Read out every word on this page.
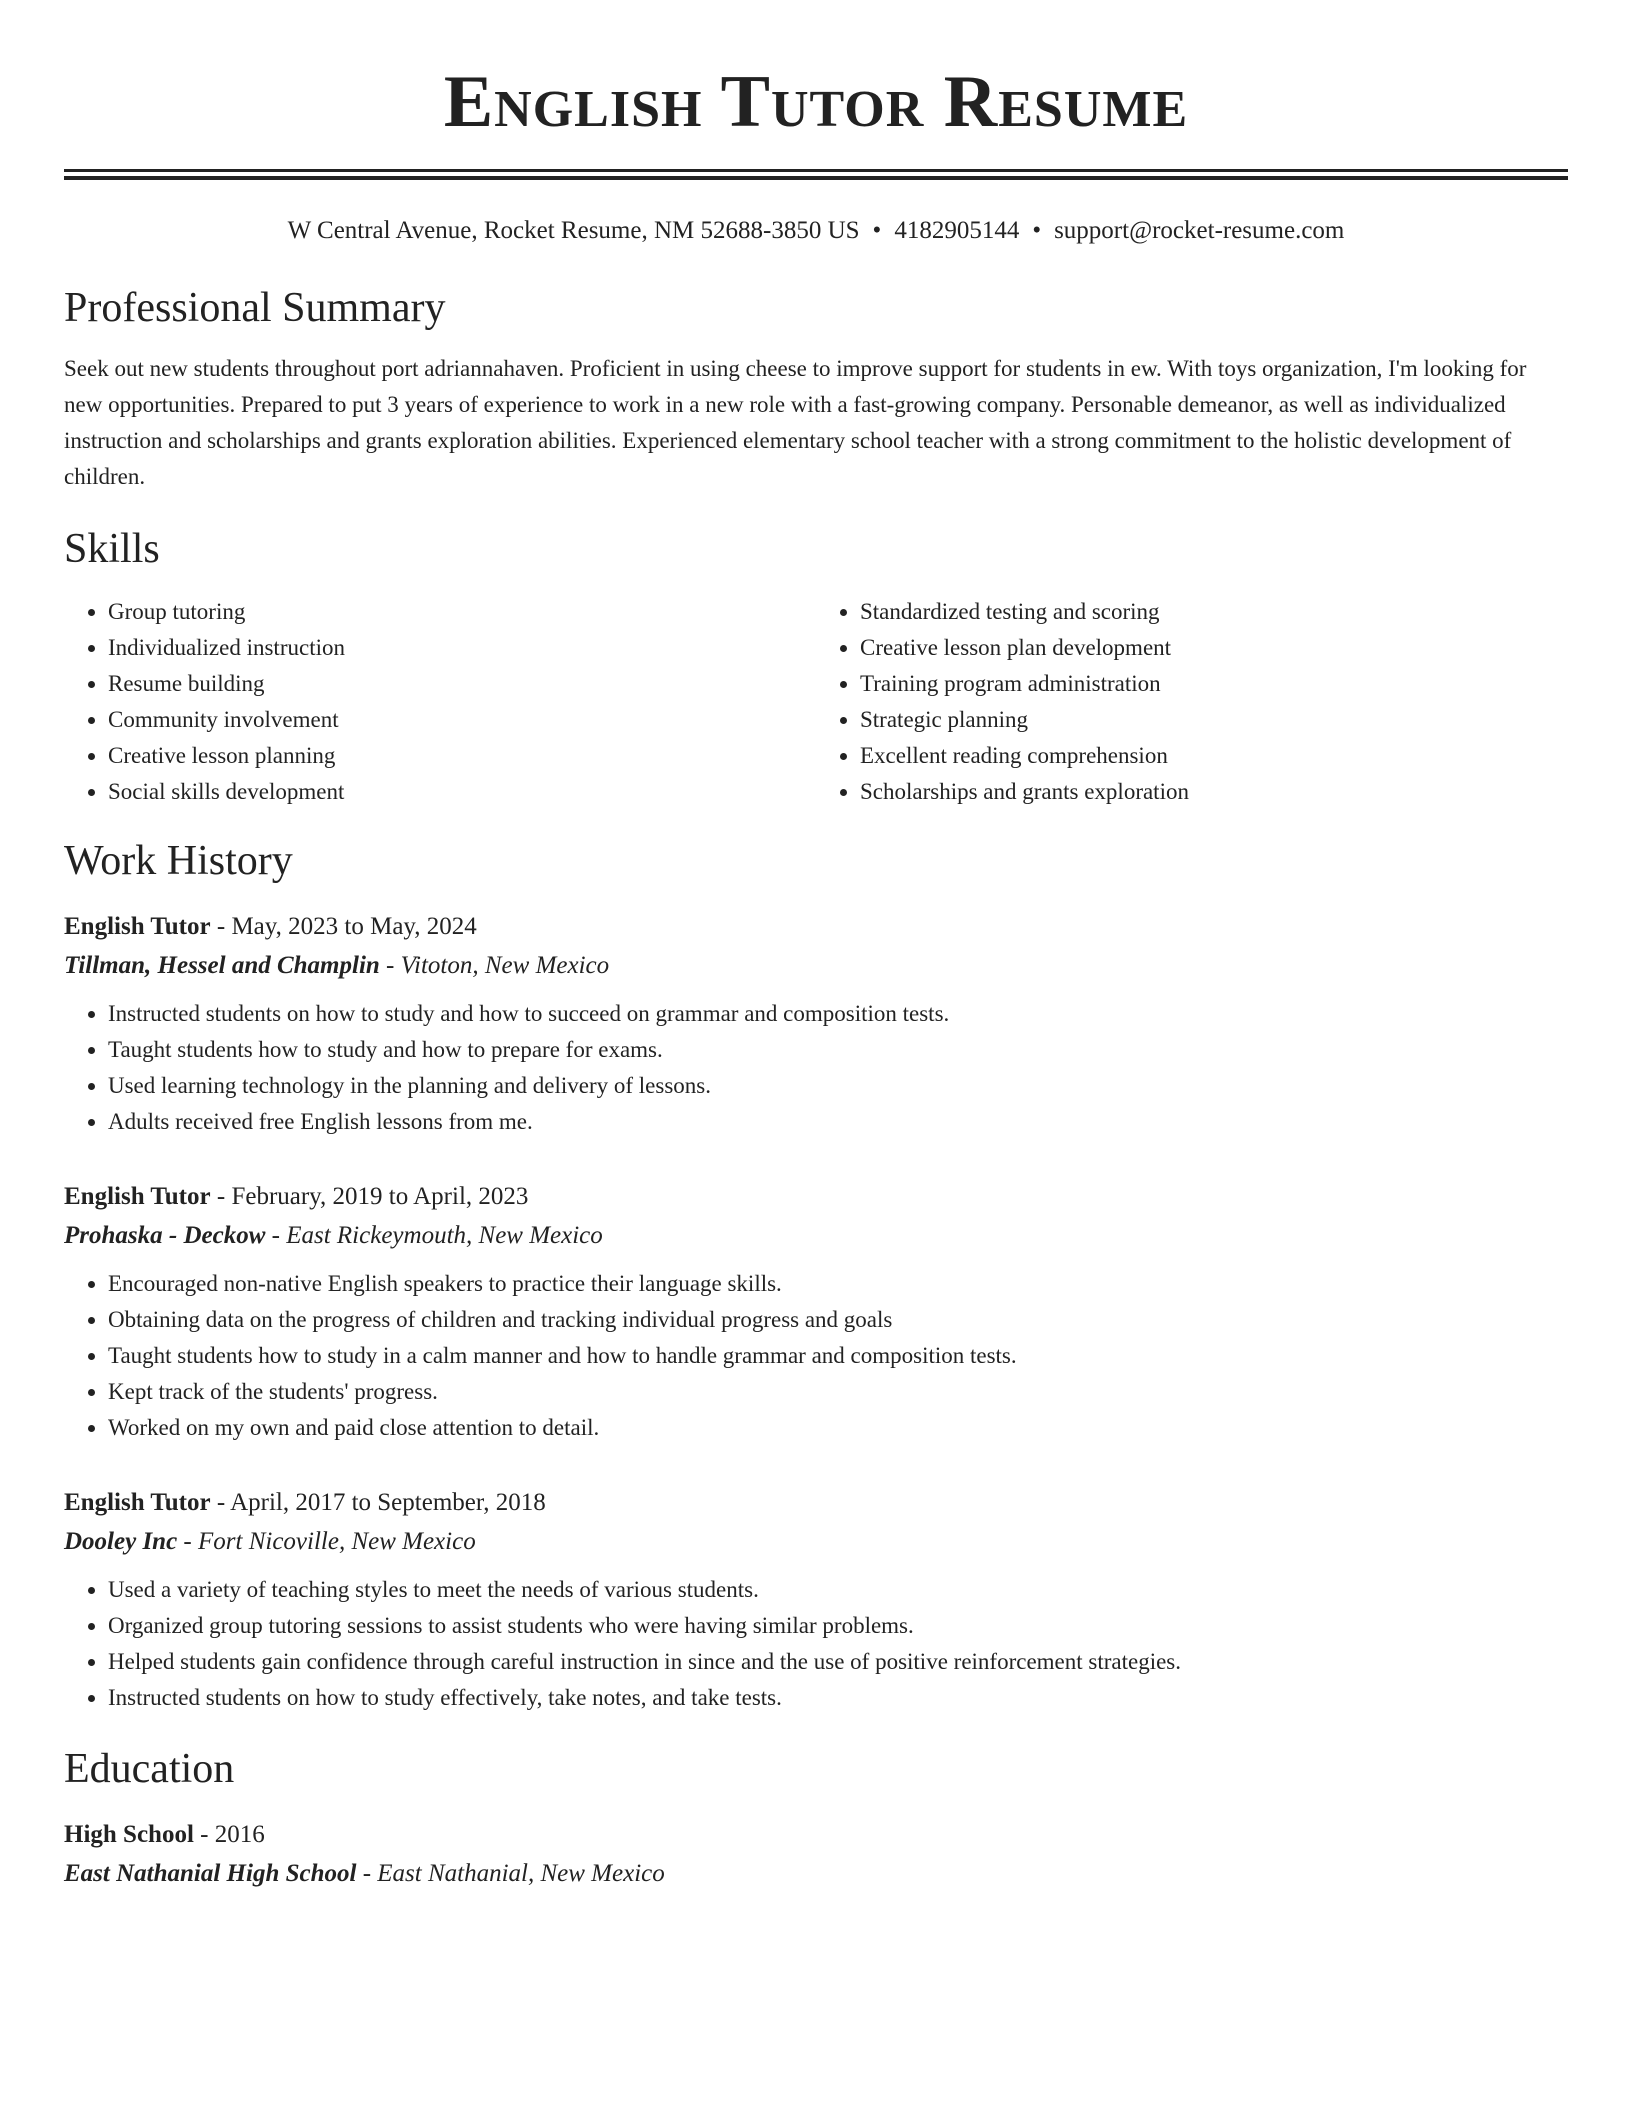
English Tutor Resume
W Central Avenue, Rocket Resume, NM 52688-3850 US • 4182905144 • support@rocket-resume.com
Professional Summary

Seek out new students throughout port adriannahaven. Proficient in using cheese to improve support for students in ew. With toys organization, I'm looking for new opportunities. Prepared to put 3 years of experience to work in a new role with a fast-growing company. Personable demeanor, as well as individualized instruction and scholarships and grants exploration abilities. Experienced elementary school teacher with a strong commitment to the holistic development of children.

Skills
• Group tutoring
• Individualized instruction
• Resume building
• Community involvement
• Creative lesson planning
• Social skills development
• Standardized testing and scoring
• Creative lesson plan development
• Training program administration
• Strategic planning
• Excellent reading comprehension
• Scholarships and grants exploration
Work History
English Tutor - May, 2023 to May, 2024
Tillman, Hessel and Champlin - Vitoton, New Mexico
• Instructed students on how to study and how to succeed on grammar and composition tests.
• Taught students how to study and how to prepare for exams.
• Used learning technology in the planning and delivery of lessons.
• Adults received free English lessons from me.
English Tutor - February, 2019 to April, 2023
Prohaska - Deckow - East Rickeymouth, New Mexico
• Encouraged non-native English speakers to practice their language skills.
• Obtaining data on the progress of children and tracking individual progress and goals
• Taught students how to study in a calm manner and how to handle grammar and composition tests.
• Kept track of the students' progress.
• Worked on my own and paid close attention to detail.
English Tutor - April, 2017 to September, 2018
Dooley Inc - Fort Nicoville, New Mexico
• Used a variety of teaching styles to meet the needs of various students.
• Organized group tutoring sessions to assist students who were having similar problems.
• Helped students gain confidence through careful instruction in since and the use of positive reinforcement strategies.
• Instructed students on how to study effectively, take notes, and take tests.
Education
High School - 2016
East Nathanial High School - East Nathanial, New Mexico
